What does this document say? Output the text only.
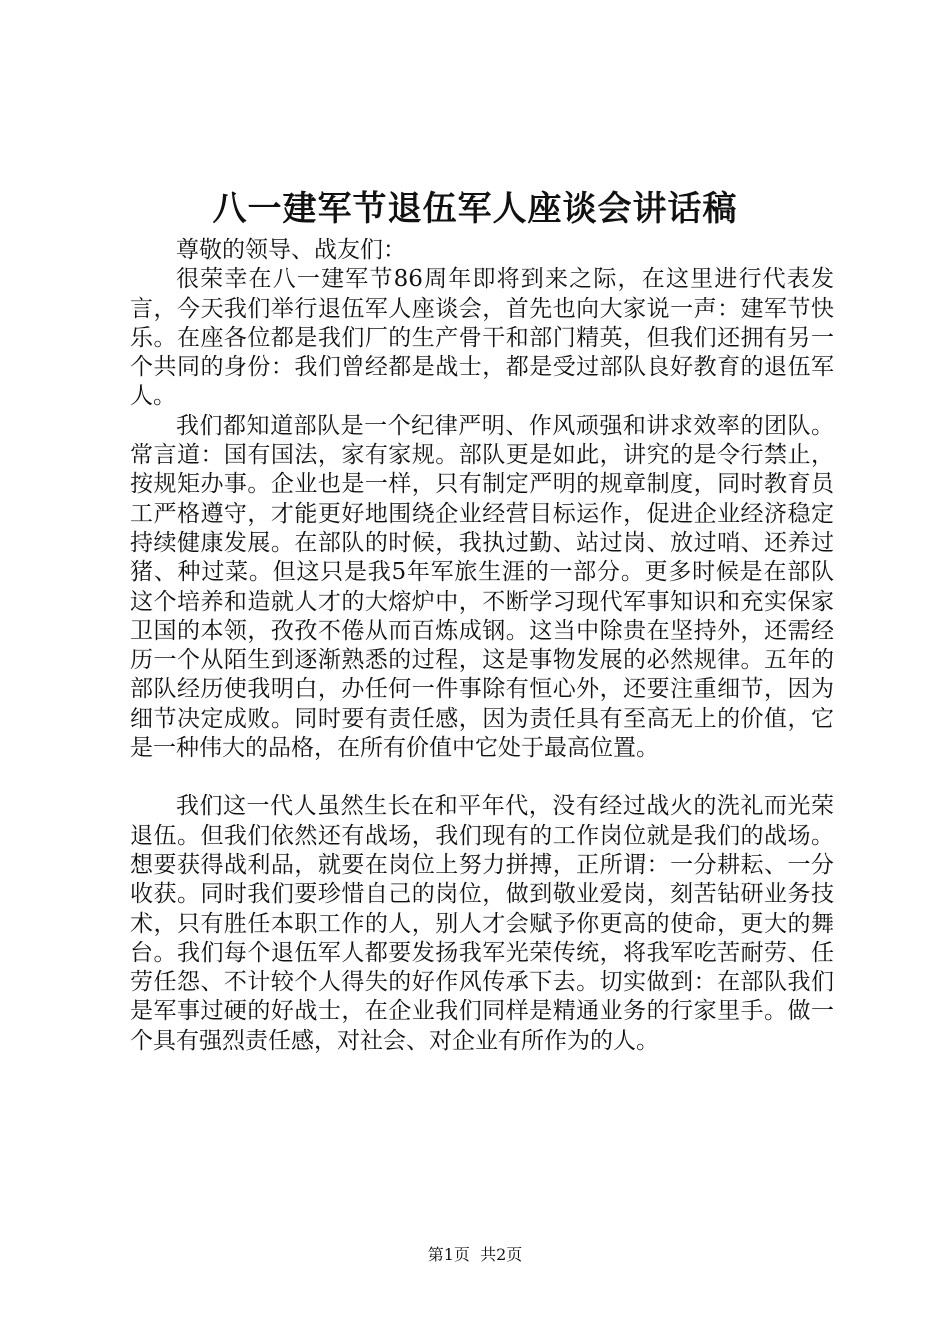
八一建军节退伍军人座谈会讲话稿

尊敬的领导、战友们：

很荣幸在八一建军节86周年即将到来之际，在这里进行代表发言，今天我们举行退伍军人座谈会，首先也向大家说一声：建军节快乐。在座各位都是我们厂的生产骨干和部门精英，但我们还拥有另一个共同的身份：我们曾经都是战士，都是受过部队良好教育的退伍军人。

我们都知道部队是一个纪律严明、作风顽强和讲求效率的团队。常言道：国有国法，家有家规。部队更是如此，讲究的是令行禁止，按规矩办事。企业也是一样，只有制定严明的规章制度，同时教育员工严格遵守，才能更好地围绕企业经营目标运作，促进企业经济稳定持续健康发展。在部队的时候，我执过勤、站过岗、放过哨、还养过猪、种过菜。但这只是我5年军旅生涯的一部分。更多时候是在部队这个培养和造就人才的大熔炉中，不断学习现代军事知识和充实保家卫国的本领，孜孜不倦从而百炼成钢。这当中除贵在坚持外，还需经历一个从陌生到逐渐熟悉的过程，这是事物发展的必然规律。五年的部队经历使我明白，办任何一件事除有恒心外，还要注重细节，因为细节决定成败。同时要有责任感，因为责任具有至高无上的价值，它是一种伟大的品格，在所有价值中它处于最高位置。

我们这一代人虽然生长在和平年代，没有经过战火的洗礼而光荣退伍。但我们依然还有战场，我们现有的工作岗位就是我们的战场。想要获得战利品，就要在岗位上努力拼搏，正所谓：一分耕耘、一分收获。同时我们要珍惜自己的岗位，做到敬业爱岗，刻苦钻研业务技术，只有胜任本职工作的人，别人才会赋予你更高的使命，更大的舞台。我们每个退伍军人都要发扬我军光荣传统，将我军吃苦耐劳、任劳任怨、不计较个人得失的好作风传承下去。切实做到：在部队我们是军事过硬的好战士，在企业我们同样是精通业务的行家里手。做一个具有强烈责任感，对社会、对企业有所作为的人。

第1页 共2页
